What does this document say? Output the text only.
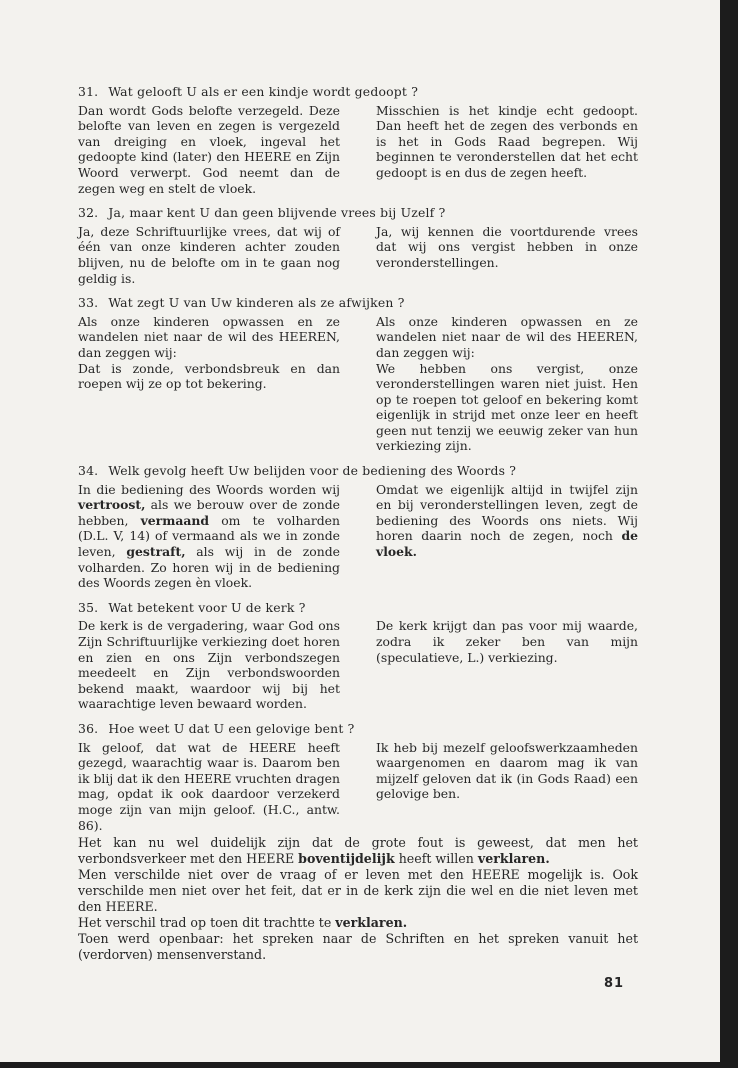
31. Wat gelooft U als er een kindje wordt gedoopt ?

Dan wordt Gods belofte verzegeld. Deze belofte van leven en zegen is vergezeld van dreiging en vloek, ingeval het gedoopte kind (later) den HEERE en Zijn Woord verwerpt. God neemt dan de zegen weg en stelt de vloek.

Misschien is het kindje echt gedoopt. Dan heeft het de zegen des verbonds en is het in Gods Raad begrepen. Wij beginnen te veronderstellen dat het echt gedoopt is en dus de zegen heeft.

32. Ja, maar kent U dan geen blijvende vrees bij Uzelf ?

Ja, deze Schriftuurlijke vrees, dat wij of één van onze kinderen achter zouden blijven, nu de belofte om in te gaan nog geldig is.

Ja, wij kennen die voortdurende vrees dat wij ons vergist hebben in onze veronderstellingen.

33. Wat zegt U van Uw kinderen als ze afwijken ?

Als onze kinderen opwassen en ze wandelen niet naar de wil des HEEREN, dan zeggen wij:

Dat is zonde, verbondsbreuk en dan roepen wij ze op tot bekering.

Als onze kinderen opwassen en ze wandelen niet naar de wil des HEEREN, dan zeggen wij:

We hebben ons vergist, onze veronderstellingen waren niet juist. Hen op te roepen tot geloof en bekering komt eigenlijk in strijd met onze leer en heeft geen nut tenzij we eeuwig zeker van hun verkiezing zijn.

34. Welk gevolg heeft Uw belijden voor de bediening des Woords ?

In die bediening des Woords worden wij vertroost, als we berouw over de zonde hebben, vermaand om te volharden (D.L. V, 14) of vermaand als we in zonde leven, gestraft, als wij in de zonde volharden. Zo horen wij in de bediening des Woords zegen èn vloek.

Omdat we eigenlijk altijd in twijfel zijn en bij veronderstellingen leven, zegt de bediening des Woords ons niets. Wij horen daarin noch de zegen, noch de vloek.

35. Wat betekent voor U de kerk ?

De kerk is de vergadering, waar God ons Zijn Schriftuurlijke verkiezing doet horen en zien en ons Zijn verbondszegen meedeelt en Zijn verbondswoorden bekend maakt, waardoor wij bij het waarachtige leven bewaard worden.

De kerk krijgt dan pas voor mij waarde, zodra ik zeker ben van mijn (speculatieve, L.) verkiezing.

36. Hoe weet U dat U een gelovige bent ?

Ik geloof, dat wat de HEERE heeft gezegd, waarachtig waar is. Daarom ben ik blij dat ik den HEERE vruchten dragen mag, opdat ik ook daardoor verzekerd moge zijn van mijn geloof. (H.C., antw. 86).

Ik heb bij mezelf geloofswerkzaamheden waargenomen en daarom mag ik van mijzelf geloven dat ik (in Gods Raad) een gelovige ben.

Het kan nu wel duidelijk zijn dat de grote fout is geweest, dat men het verbondsverkeer met den HEERE boventijdelijk heeft willen verklaren.

Men verschilde niet over de vraag of er leven met den HEERE mogelijk is. Ook verschilde men niet over het feit, dat er in de kerk zijn die wel en die niet leven met den HEERE.

Het verschil trad op toen dit trachtte te verklaren.

Toen werd openbaar: het spreken naar de Schriften en het spreken vanuit het (verdorven) mensenverstand.

81
